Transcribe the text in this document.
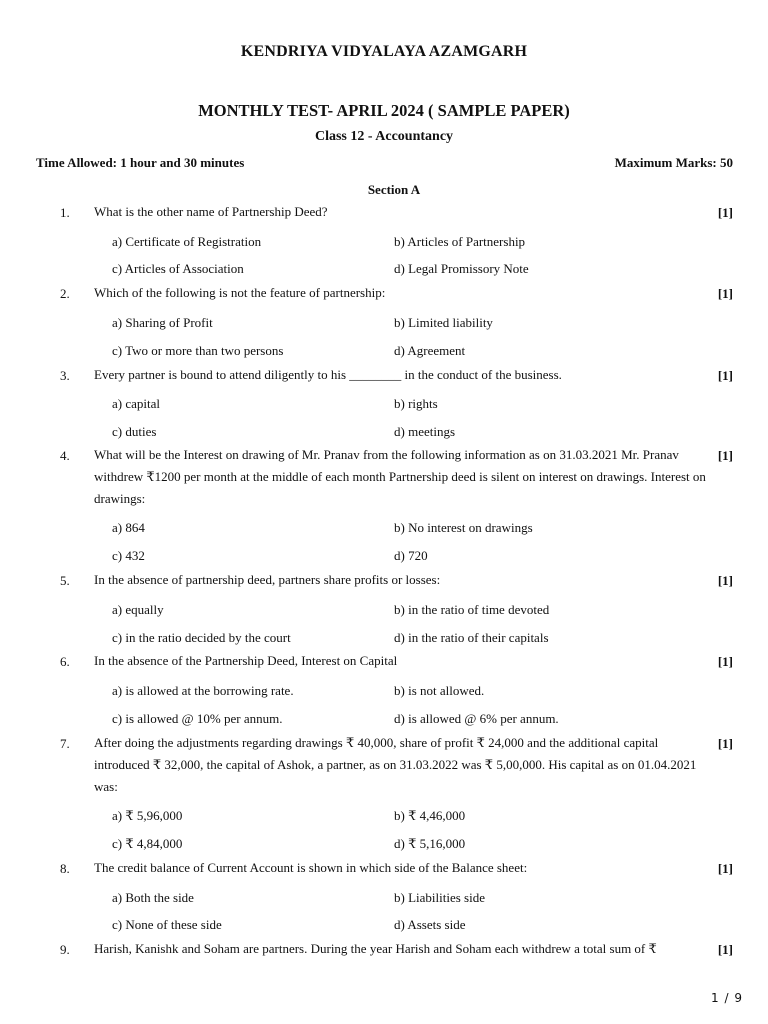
KENDRIYA VIDYALAYA AZAMGARH
MONTHLY TEST- APRIL 2024 ( SAMPLE PAPER)
Class 12 - Accountancy
Time Allowed: 1 hour and 30 minutes	Maximum Marks: 50
Section A
1. What is the other name of Partnership Deed?	[1]
a) Certificate of Registration	b) Articles of Partnership
c) Articles of Association	d) Legal Promissory Note
2. Which of the following is not the feature of partnership:	[1]
a) Sharing of Profit	b) Limited liability
c) Two or more than two persons	d) Agreement
3. Every partner is bound to attend diligently to his ________ in the conduct of the business.	[1]
a) capital	b) rights
c) duties	d) meetings
4. What will be the Interest on drawing of Mr. Pranav from the following information as on 31.03.2021 Mr. Pranav withdrew ₹1200 per month at the middle of each month Partnership deed is silent on interest on drawings. Interest on drawings:
[1]
a) 864	b) No interest on drawings
c) 432	d) 720
5. In the absence of partnership deed, partners share profits or losses:	[1]
a) equally	b) in the ratio of time devoted
c) in the ratio decided by the court	d) in the ratio of their capitals
6. In the absence of the Partnership Deed, Interest on Capital	[1]
a) is allowed at the borrowing rate.	b) is not allowed.
c) is allowed @ 10% per annum.	d) is allowed @ 6% per annum.
7. After doing the adjustments regarding drawings ₹ 40,000, share of profit ₹ 24,000 and the additional capital introduced ₹ 32,000, the capital of Ashok, a partner, as on 31.03.2022 was ₹ 5,00,000. His capital as on 01.04.2021 was:
[1]
a) ₹ 5,96,000	b) ₹ 4,46,000
c) ₹ 4,84,000	d) ₹ 5,16,000
8. The credit balance of Current Account is shown in which side of the Balance sheet:	[1]
a) Both the side	b) Liabilities side
c) None of these side	d) Assets side
9. Harish, Kanishk and Soham are partners. During the year Harish and Soham each withdrew a total sum of ₹	[1]
1 / 9
